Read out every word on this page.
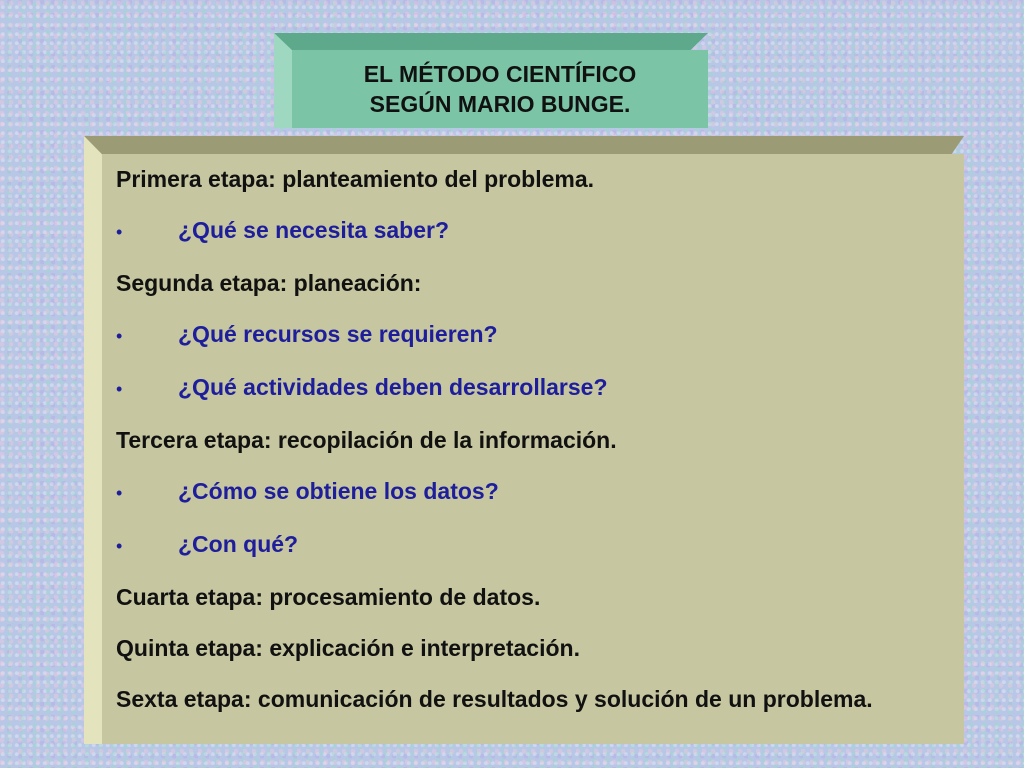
EL MÉTODO CIENTÍFICO
SEGÚN MARIO BUNGE.
Primera etapa: planteamiento del problema.
•	¿Qué se necesita saber?
Segunda etapa: planeación:
•	¿Qué recursos se requieren?
•	¿Qué actividades deben desarrollarse?
Tercera etapa: recopilación de la información.
•	¿Cómo se obtiene los datos?
•	¿Con qué?
Cuarta etapa: procesamiento de datos.
Quinta etapa: explicación e interpretación.
Sexta etapa: comunicación de resultados y solución de un problema.
